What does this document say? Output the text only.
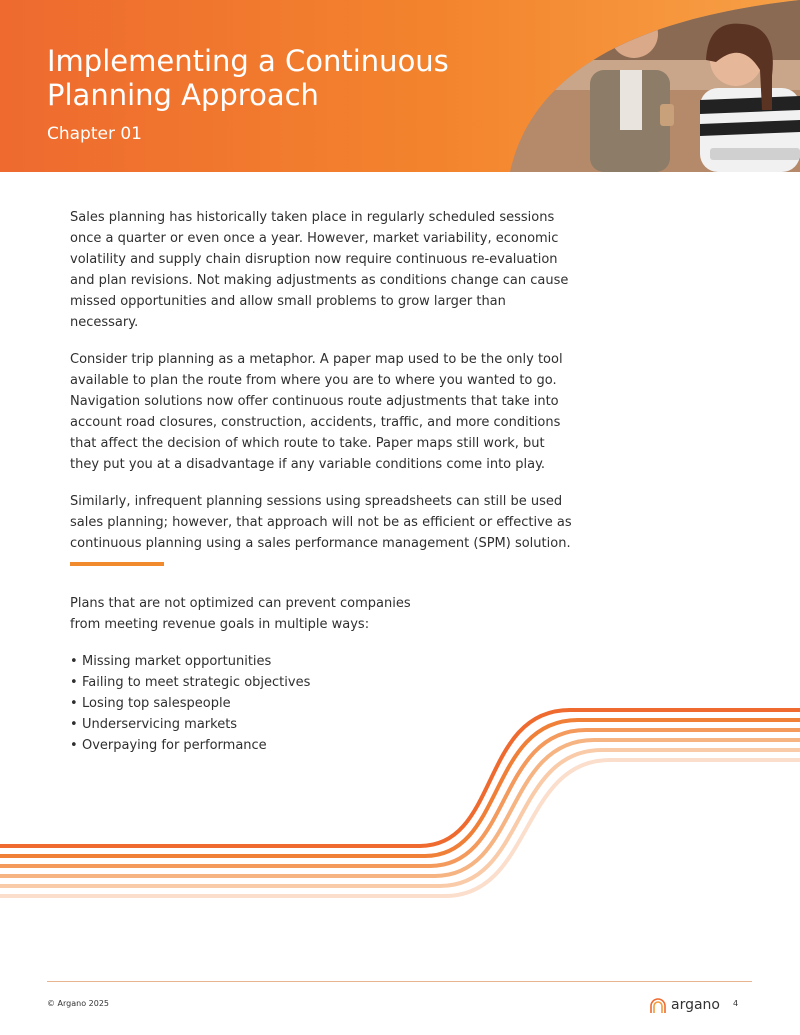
Implementing a Continuous
Planning Approach
Chapter 01

Sales planning has historically taken place in regularly scheduled sessions once a quarter or even once a year. However, market variability, economic volatility and supply chain disruption now require continuous re-evaluation and plan revisions. Not making adjustments as conditions change can cause missed opportunities and allow small problems to grow larger than necessary.

Consider trip planning as a metaphor. A paper map used to be the only tool available to plan the route from where you are to where you wanted to go. Navigation solutions now offer continuous route adjustments that take into account road closures, construction, accidents, traffic, and more conditions that affect the decision of which route to take. Paper maps still work, but they put you at a disadvantage if any variable conditions come into play.

Similarly, infrequent planning sessions using spreadsheets can still be used sales planning; however, that approach will not be as efficient or effective as continuous planning using a sales performance management (SPM) solution.

Plans that are not optimized can prevent companies
from meeting revenue goals in multiple ways:
• Missing market opportunities
• Failing to meet strategic objectives
• Losing top salespeople
• Underservicing markets
• Overpaying for performance
© Argano 2025	argano 4
